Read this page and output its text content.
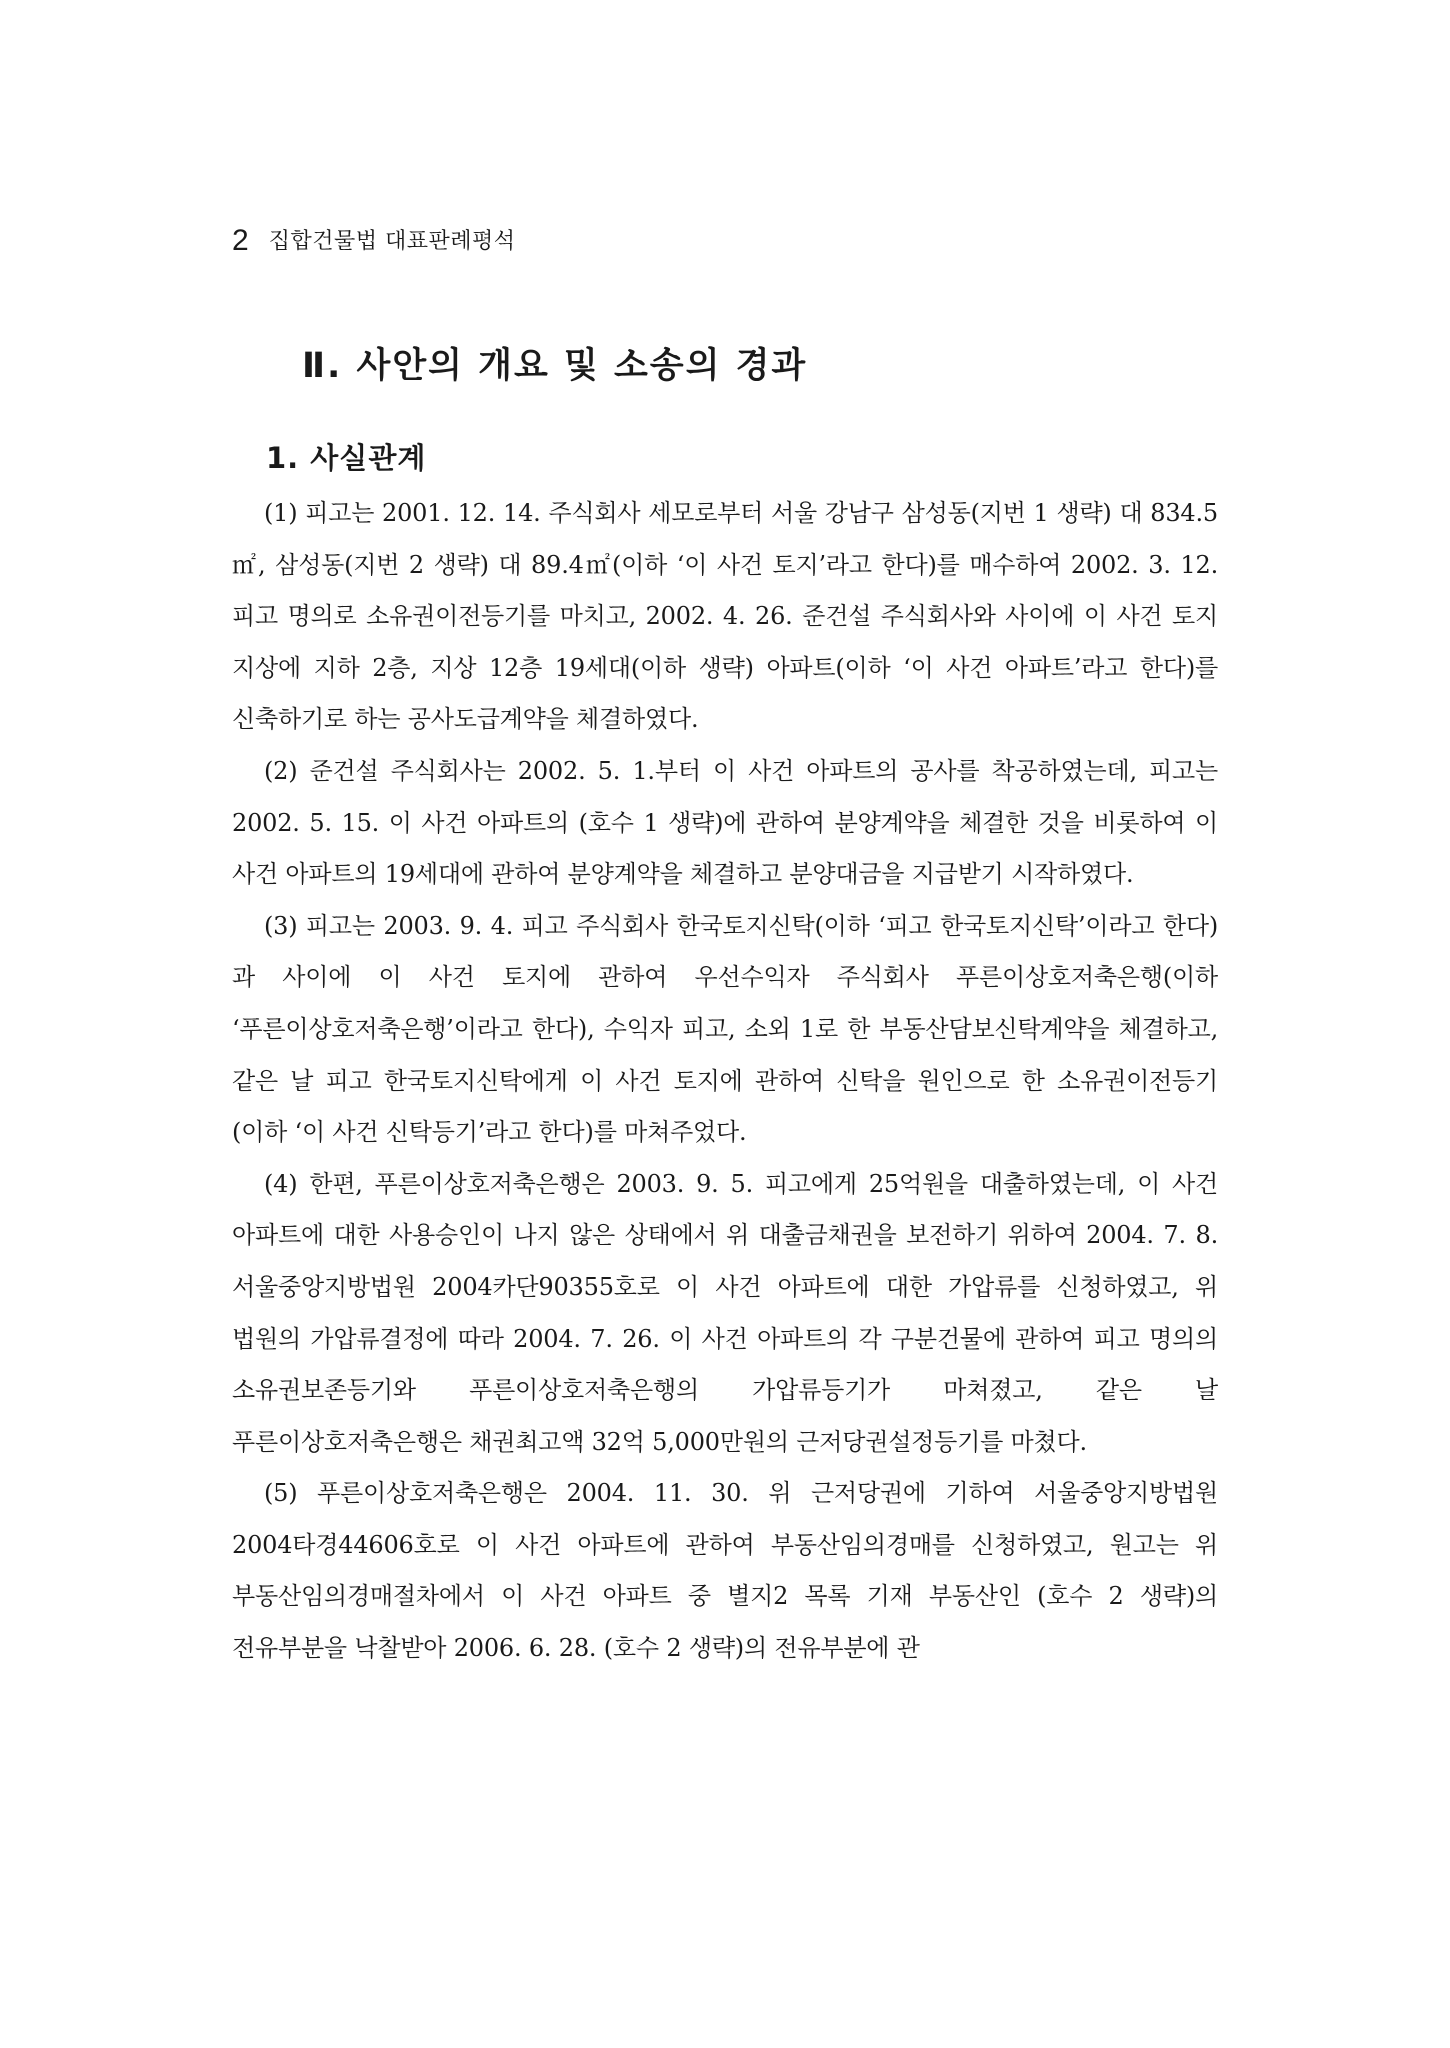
2 집합건물법 대표판례평석
Ⅱ. 사안의 개요 및 소송의 경과
1. 사실관계

(1) 피고는 2001. 12. 14. 주식회사 세모로부터 서울 강남구 삼성동(지번 1 생략) 대 834.5㎡, 삼성동(지번 2 생략) 대 89.4㎡(이하 ‘이 사건 토지’라고 한다)를 매수하여 2002. 3. 12. 피고 명의로 소유권이전등기를 마치고, 2002. 4. 26. 준건설 주식회사와 사이에 이 사건 토지 지상에 지하 2층, 지상 12층 19세대(이하 생략) 아파트(이하 ‘이 사건 아파트’라고 한다)를 신축하기로 하는 공사도급계약을 체결하였다.

(2) 준건설 주식회사는 2002. 5. 1.부터 이 사건 아파트의 공사를 착공하였는데, 피고는 2002. 5. 15. 이 사건 아파트의 (호수 1 생략)에 관하여 분양계약을 체결한 것을 비롯하여 이 사건 아파트의 19세대에 관하여 분양계약을 체결하고 분양대금을 지급받기 시작하였다.

(3) 피고는 2003. 9. 4. 피고 주식회사 한국토지신탁(이하 ‘피고 한국토지신탁’이라고 한다)과 사이에 이 사건 토지에 관하여 우선수익자 주식회사 푸른이상호저축은행(이하 ‘푸른이상호저축은행’이라고 한다), 수익자 피고, 소외 1로 한 부동산담보신탁계약을 체결하고, 같은 날 피고 한국토지신탁에게 이 사건 토지에 관하여 신탁을 원인으로 한 소유권이전등기(이하 ‘이 사건 신탁등기’라고 한다)를 마쳐주었다.

(4) 한편, 푸른이상호저축은행은 2003. 9. 5. 피고에게 25억원을 대출하였는데, 이 사건 아파트에 대한 사용승인이 나지 않은 상태에서 위 대출금채권을 보전하기 위하여 2004. 7. 8. 서울중앙지방법원 2004카단90355호로 이 사건 아파트에 대한 가압류를 신청하였고, 위 법원의 가압류결정에 따라 2004. 7. 26. 이 사건 아파트의 각 구분건물에 관하여 피고 명의의 소유권보존등기와 푸른이상호저축은행의 가압류등기가 마쳐졌고, 같은 날 푸른이상호저축은행은 채권최고액 32억 5,000만원의 근저당권설정등기를 마쳤다.

(5) 푸른이상호저축은행은 2004. 11. 30. 위 근저당권에 기하여 서울중앙지방법원 2004타경44606호로 이 사건 아파트에 관하여 부동산임의경매를 신청하였고, 원고는 위 부동산임의경매절차에서 이 사건 아파트 중 별지2 목록 기재 부동산인 (호수 2 생략)의 전유부분을 낙찰받아 2006. 6. 28. (호수 2 생략)의 전유부분에 관
